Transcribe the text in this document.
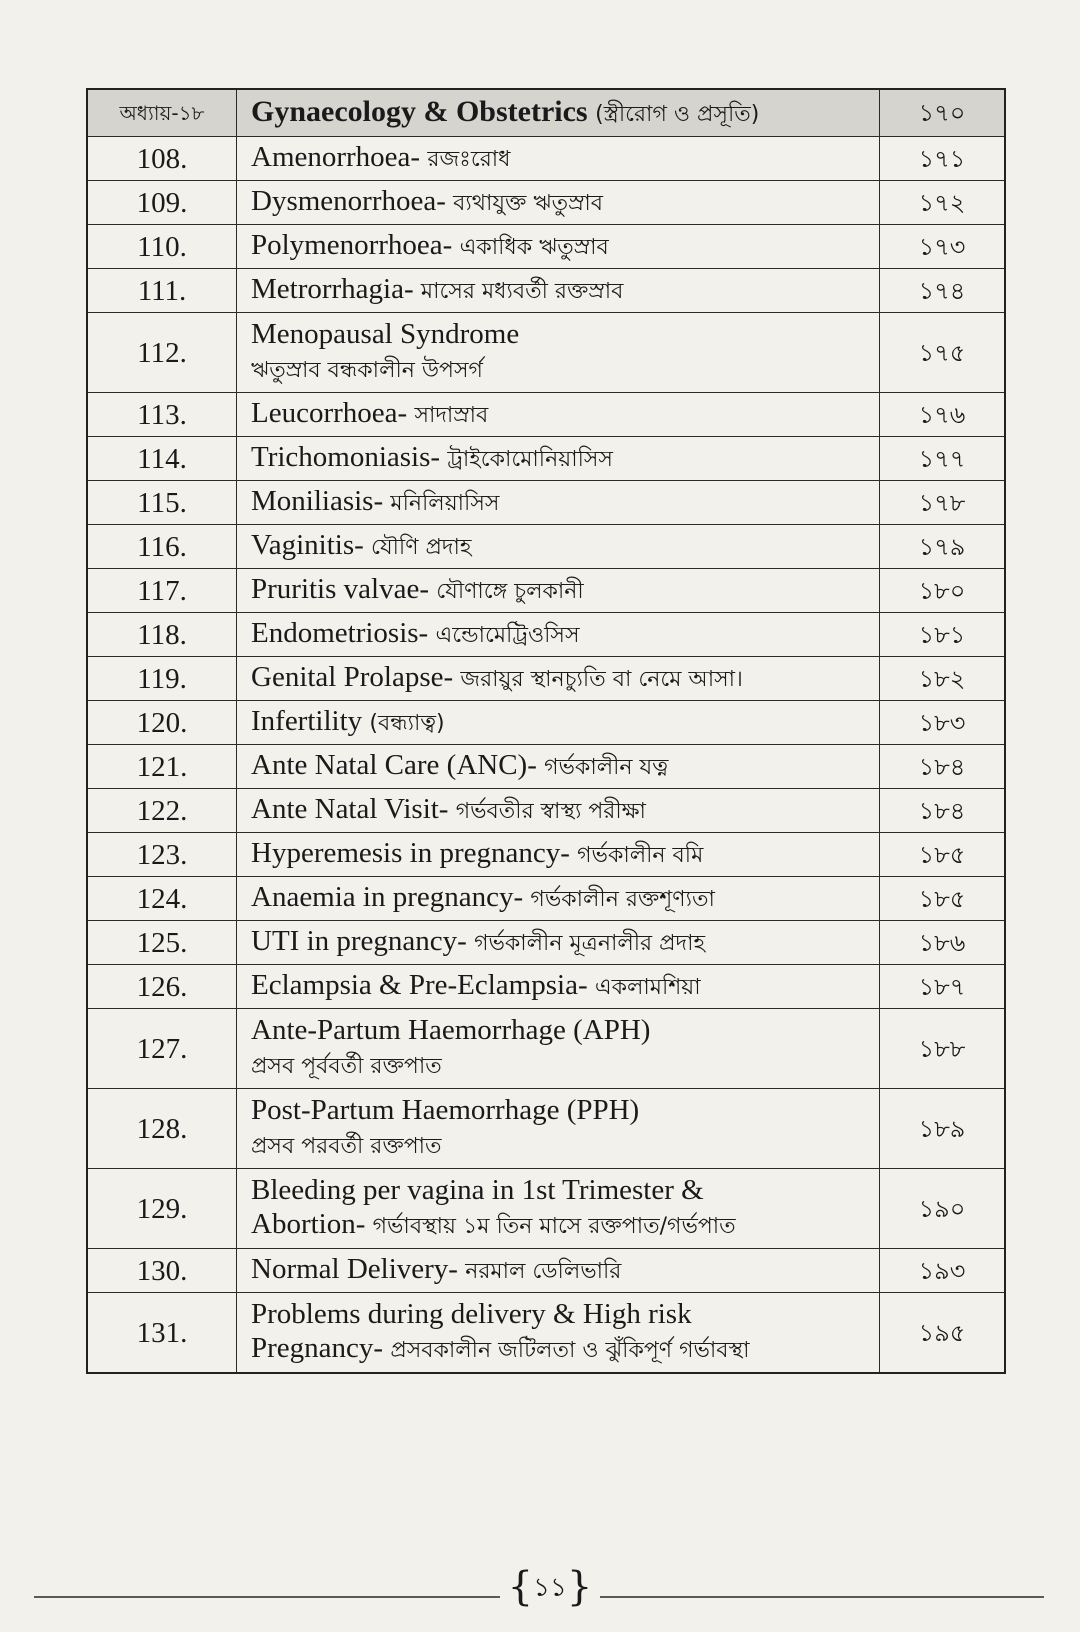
অধ্যায়-১৮	Gynaecology & Obstetrics (স্ত্রীরোগ ও প্রসূতি)	১৭০
108.	Amenorrhoea- রজঃরোধ	১৭১
109.	Dysmenorrhoea- ব্যথাযুক্ত ঋতুস্রাব	১৭২
110.	Polymenorrhoea- একাধিক ঋতুস্রাব	১৭৩
111.	Metrorrhagia- মাসের মধ্যবর্তী রক্তস্রাব	১৭৪
112.	Menopausal Syndrome
ঋতুস্রাব বন্ধকালীন উপসর্গ	১৭৫
113.	Leucorrhoea- সাদাস্রাব	১৭৬
114.	Trichomoniasis- ট্রাইকোমোনিয়াসিস	১৭৭
115.	Moniliasis- মনিলিয়াসিস	১৭৮
116.	Vaginitis- যৌণি প্রদাহ	১৭৯
117.	Pruritis valvae- যৌণাঙ্গে চুলকানী	১৮০
118.	Endometriosis- এন্ডোমেট্রিওসিস	১৮১
119.	Genital Prolapse- জরায়ুর স্থানচ্যুতি বা নেমে আসা।	১৮২
120.	Infertility (বন্ধ্যাত্ব)	১৮৩
121.	Ante Natal Care (ANC)- গর্ভকালীন যত্ন	১৮৪
122.	Ante Natal Visit- গর্ভবতীর স্বাস্থ্য পরীক্ষা	১৮৪
123.	Hyperemesis in pregnancy- গর্ভকালীন বমি	১৮৫
124.	Anaemia in pregnancy- গর্ভকালীন রক্তশূণ্যতা	১৮৫
125.	UTI in pregnancy- গর্ভকালীন মূত্রনালীর প্রদাহ	১৮৬
126.	Eclampsia & Pre-Eclampsia- একলামশিয়া	১৮৭
127.	Ante-Partum Haemorrhage (APH)
প্রসব পূর্ববর্তী রক্তপাত	১৮৮
128.	Post-Partum Haemorrhage (PPH)
প্রসব পরবর্তী রক্তপাত	১৮৯
129.	Bleeding per vagina in 1st Trimester &
Abortion- গর্ভাবস্থায় ১ম তিন মাসে রক্তপাত/গর্ভপাত	১৯০
130.	Normal Delivery- নরমাল ডেলিভারি	১৯৩
131.	Problems during delivery & High risk
Pregnancy- প্রসবকালীন জটিলতা ও ঝুঁকিপূর্ণ গর্ভাবস্থা	১৯৫
{১১}
